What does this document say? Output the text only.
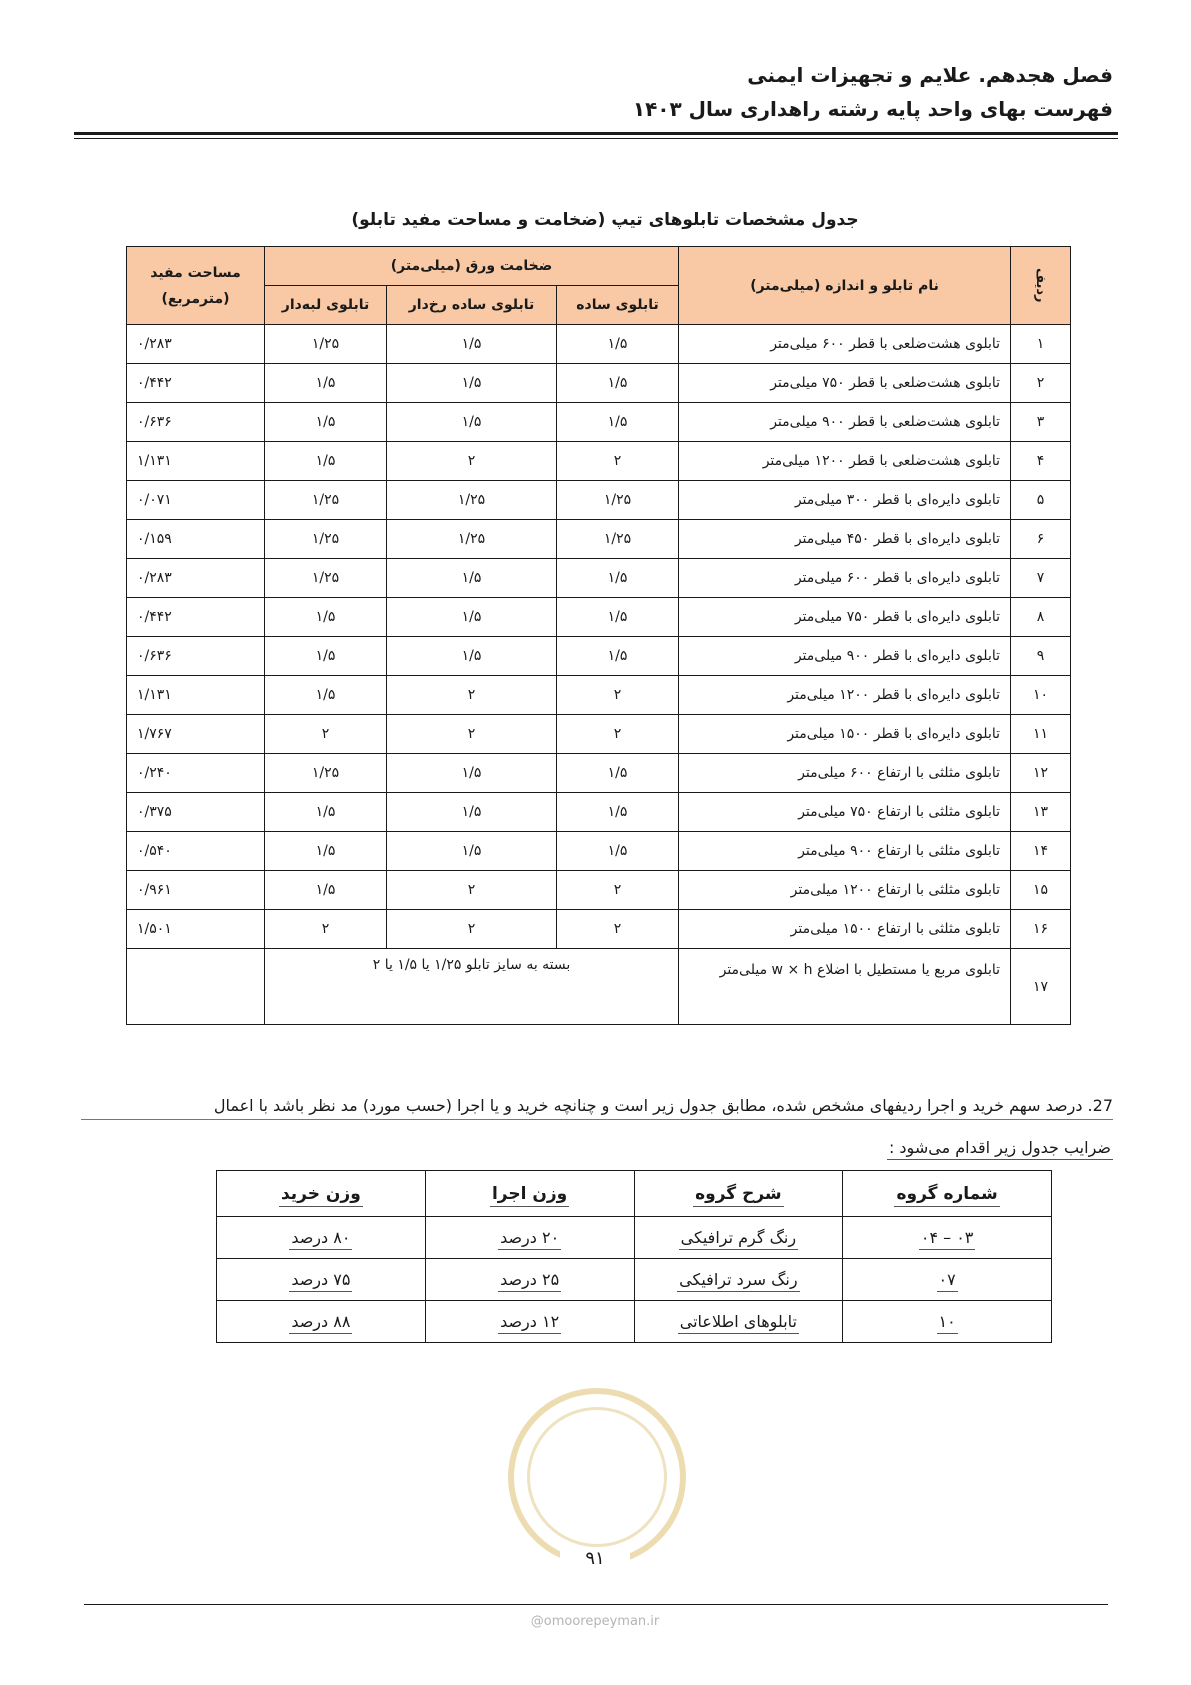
فصل هجدهم. علایم و تجهیزات ایمنی
فهرست بهای واحد پایه رشته راهداری سال ۱۴۰۳
جدول مشخصات تابلوهای تیپ (ضخامت و مساحت مفید تابلو)
ردیف	نام تابلو و اندازه (میلی‌متر)	ضخامت ورق (میلی‌متر)			مساحت مفید
(مترمربع)

		تابلوی ساده	تابلوی ساده رخ‌دار	تابلوی لبه‌دار	
۱	تابلوی هشت‌ضلعی با قطر ۶۰۰ میلی‌متر	۱/۵	۱/۵	۱/۲۵	۰/۲۸۳
۲	تابلوی هشت‌ضلعی با قطر ۷۵۰ میلی‌متر	۱/۵	۱/۵	۱/۵	۰/۴۴۲
۳	تابلوی هشت‌ضلعی با قطر ۹۰۰ میلی‌متر	۱/۵	۱/۵	۱/۵	۰/۶۳۶
۴	تابلوی هشت‌ضلعی با قطر ۱۲۰۰ میلی‌متر	۲	۲	۱/۵	۱/۱۳۱
۵	تابلوی دایره‌ای با قطر ۳۰۰ میلی‌متر	۱/۲۵	۱/۲۵	۱/۲۵	۰/۰۷۱
۶	تابلوی دایره‌ای با قطر ۴۵۰ میلی‌متر	۱/۲۵	۱/۲۵	۱/۲۵	۰/۱۵۹
۷	تابلوی دایره‌ای با قطر ۶۰۰ میلی‌متر	۱/۵	۱/۵	۱/۲۵	۰/۲۸۳
۸	تابلوی دایره‌ای با قطر ۷۵۰ میلی‌متر	۱/۵	۱/۵	۱/۵	۰/۴۴۲
۹	تابلوی دایره‌ای با قطر ۹۰۰ میلی‌متر	۱/۵	۱/۵	۱/۵	۰/۶۳۶
۱۰	تابلوی دایره‌ای با قطر ۱۲۰۰ میلی‌متر	۲	۲	۱/۵	۱/۱۳۱
۱۱	تابلوی دایره‌ای با قطر ۱۵۰۰ میلی‌متر	۲	۲	۲	۱/۷۶۷
۱۲	تابلوی مثلثی با ارتفاع ۶۰۰ میلی‌متر	۱/۵	۱/۵	۱/۲۵	۰/۲۴۰
۱۳	تابلوی مثلثی با ارتفاع ۷۵۰ میلی‌متر	۱/۵	۱/۵	۱/۵	۰/۳۷۵
۱۴	تابلوی مثلثی با ارتفاع ۹۰۰ میلی‌متر	۱/۵	۱/۵	۱/۵	۰/۵۴۰
۱۵	تابلوی مثلثی با ارتفاع ۱۲۰۰ میلی‌متر	۲	۲	۱/۵	۰/۹۶۱
۱۶	تابلوی مثلثی با ارتفاع ۱۵۰۰ میلی‌متر	۲	۲	۲	۱/۵۰۱
۱۷	تابلوی مربع یا مستطیل با اضلاع w × h میلی‌متر	بسته به سایز تابلو ۱/۲۵ یا ۱/۵ یا ۲			
27. درصد سهم خرید و اجرا ردیفهای مشخص شده، مطابق جدول زیر است و چنانچه خرید و یا اجرا (حسب مورد) مد نظر باشد با اعمال
ضرایب جدول زیر اقدام می‌شود :
شماره گروه	شرح گروه	وزن اجرا	وزن خرید
۰۳ – ۰۴	رنگ گرم ترافیکی	۲۰ درصد	۸۰ درصد
۰۷	رنگ سرد ترافیکی	۲۵ درصد	۷۵ درصد
۱۰	تابلوهای اطلاعاتی	۱۲ درصد	۸۸ درصد
۹۱
@omoorepeyman.ir
